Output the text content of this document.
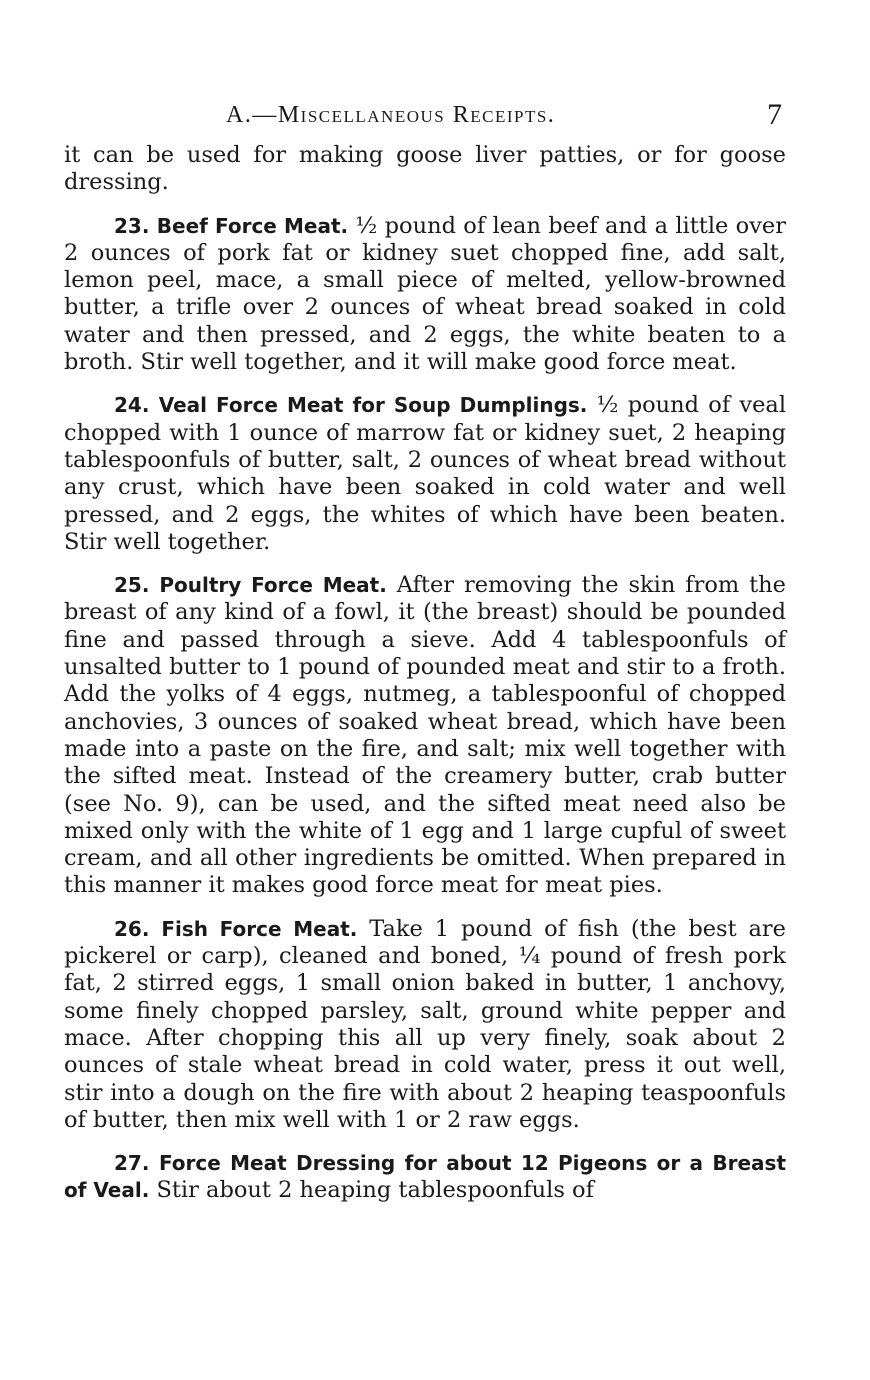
A.—Miscellaneous Receipts.	7

it can be used for making goose liver patties, or for goose dressing.

23. Beef Force Meat. ½ pound of lean beef and a little over 2 ounces of pork fat or kidney suet chopped fine, add salt, lemon peel, mace, a small piece of melted, yellow-browned butter, a trifle over 2 ounces of wheat bread soaked in cold water and then pressed, and 2 eggs, the white beaten to a broth. Stir well together, and it will make good force meat.

24. Veal Force Meat for Soup Dumplings. ½ pound of veal chopped with 1 ounce of marrow fat or kidney suet, 2 heaping tablespoonfuls of butter, salt, 2 ounces of wheat bread without any crust, which have been soaked in cold water and well pressed, and 2 eggs, the whites of which have been beaten. Stir well together.

25. Poultry Force Meat. After removing the skin from the breast of any kind of a fowl, it (the breast) should be pounded fine and passed through a sieve. Add 4 tablespoonfuls of unsalted butter to 1 pound of pounded meat and stir to a froth. Add the yolks of 4 eggs, nutmeg, a tablespoonful of chopped anchovies, 3 ounces of soaked wheat bread, which have been made into a paste on the fire, and salt; mix well together with the sifted meat. Instead of the creamery butter, crab butter (see No. 9), can be used, and the sifted meat need also be mixed only with the white of 1 egg and 1 large cupful of sweet cream, and all other ingredients be omitted. When prepared in this manner it makes good force meat for meat pies.

26. Fish Force Meat. Take 1 pound of fish (the best are pickerel or carp), cleaned and boned, ¼ pound of fresh pork fat, 2 stirred eggs, 1 small onion baked in butter, 1 anchovy, some finely chopped parsley, salt, ground white pepper and mace. After chopping this all up very finely, soak about 2 ounces of stale wheat bread in cold water, press it out well, stir into a dough on the fire with about 2 heaping teaspoonfuls of butter, then mix well with 1 or 2 raw eggs.

27. Force Meat Dressing for about 12 Pigeons or a Breast of Veal. Stir about 2 heaping tablespoonfuls of
